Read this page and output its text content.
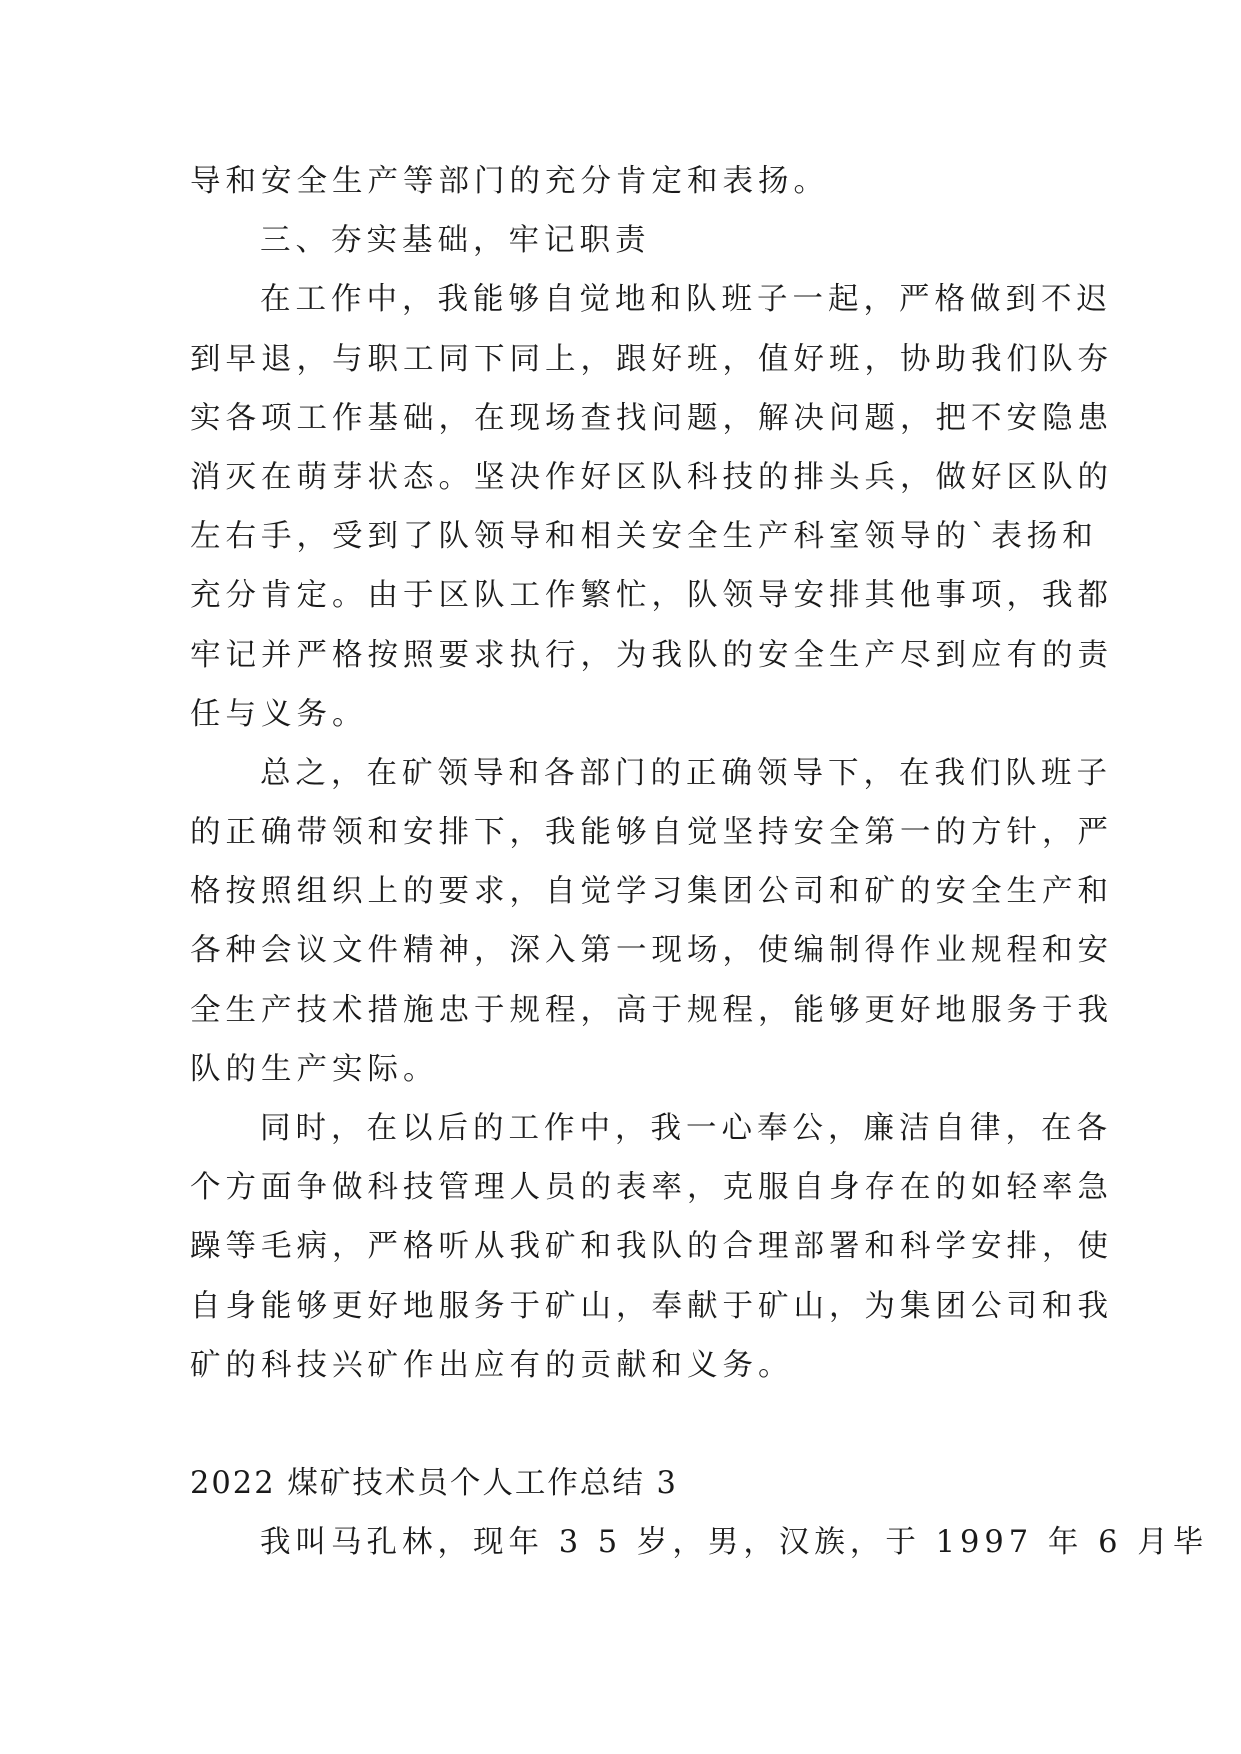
导和安全生产等部门的充分肯定和表扬。
三、夯实基础，牢记职责
在工作中，我能够自觉地和队班子一起，严格做到不迟
到早退，与职工同下同上，跟好班，值好班，协助我们队夯
实各项工作基础，在现场查找问题，解决问题，把不安隐患
消灭在萌芽状态。坚决作好区队科技的排头兵，做好区队的
左右手，受到了队领导和相关安全生产科室领导的`表扬和
充分肯定。由于区队工作繁忙，队领导安排其他事项，我都
牢记并严格按照要求执行，为我队的安全生产尽到应有的责
任与义务。
总之，在矿领导和各部门的正确领导下，在我们队班子
的正确带领和安排下，我能够自觉坚持安全第一的方针，严
格按照组织上的要求，自觉学习集团公司和矿的安全生产和
各种会议文件精神，深入第一现场，使编制得作业规程和安
全生产技术措施忠于规程，高于规程，能够更好地服务于我
队的生产实际。
同时，在以后的工作中，我一心奉公，廉洁自律，在各
个方面争做科技管理人员的表率，克服自身存在的如轻率急
躁等毛病，严格听从我矿和我队的合理部署和科学安排，使
自身能够更好地服务于矿山，奉献于矿山，为集团公司和我
矿的科技兴矿作出应有的贡献和义务。
2022 煤矿技术员个人工作总结 3
我叫马孔林，现年 3 5 岁，男，汉族，于 1997 年 6 月毕
